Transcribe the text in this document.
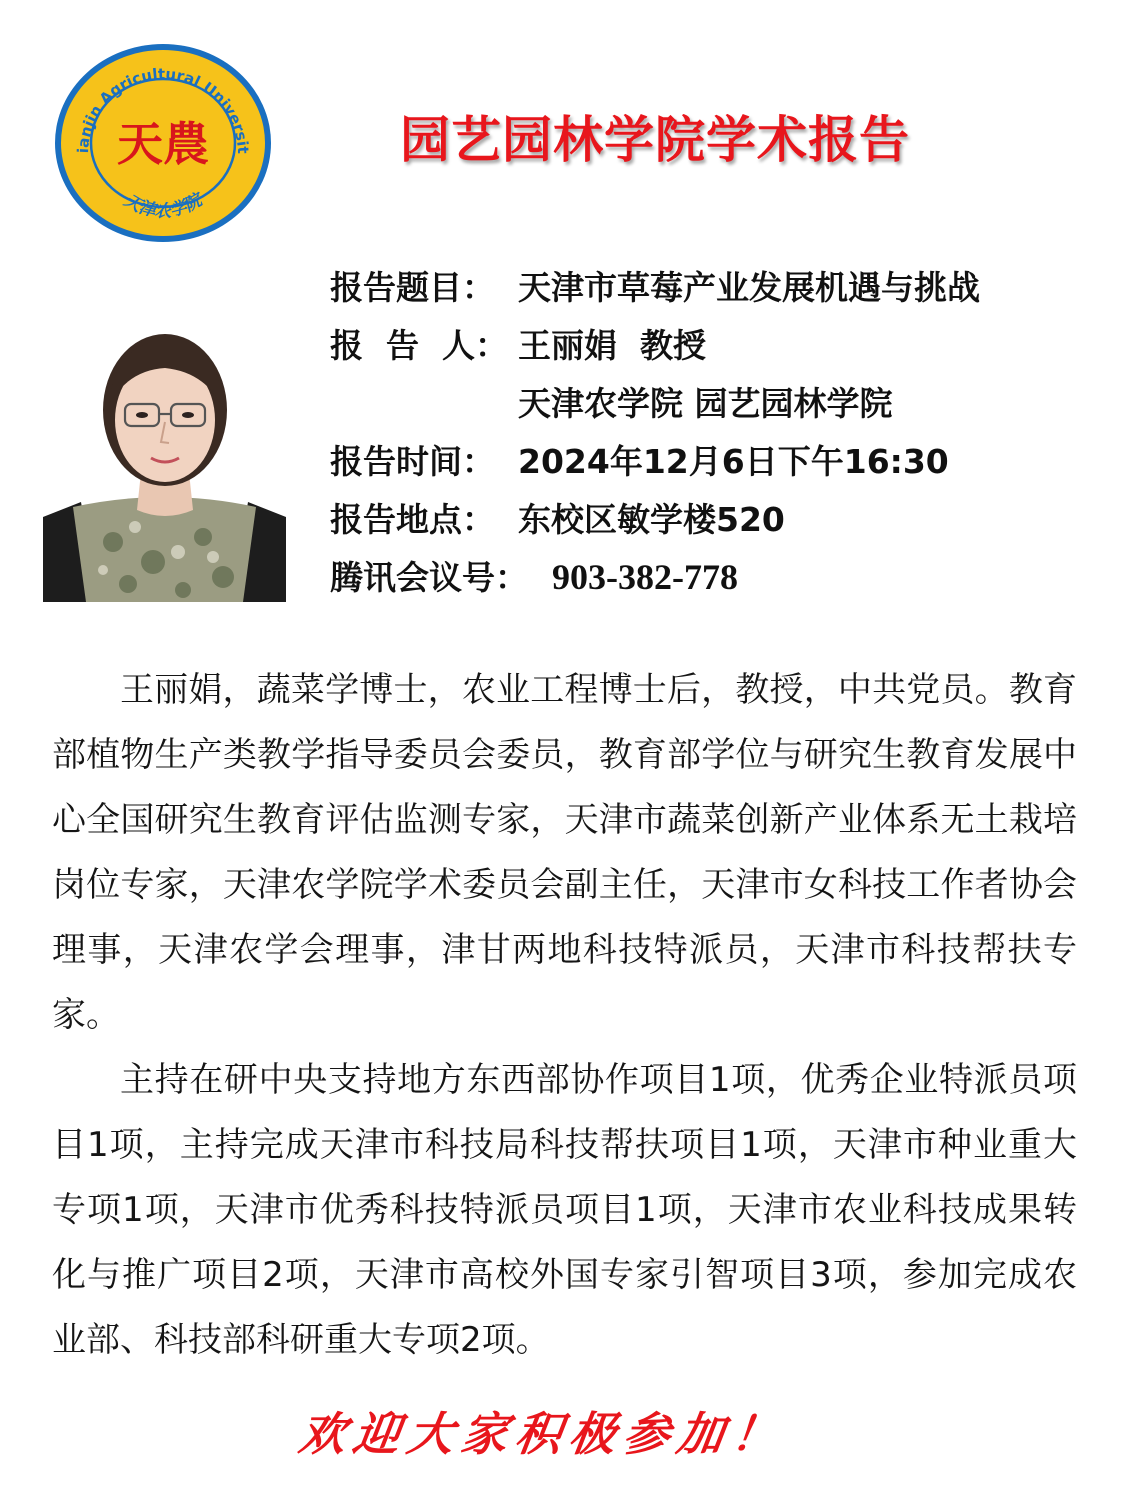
ianjin Agricultural Universit
天津农学院
天農	园艺园林学院学术报告
报告题目： 天津市草莓产业发展机遇与挑战
报  告  人： 王丽娟  教授
天津农学院 园艺园林学院
报告时间： 2024年12月6日下午16:30
报告地点： 东校区敏学楼520
腾讯会议号： 903-382-778

王丽娟，蔬菜学博士，农业工程博士后，教授，中共党员。教育部植物生产类教学指导委员会委员，教育部学位与研究生教育发展中心全国研究生教育评估监测专家，天津市蔬菜创新产业体系无土栽培岗位专家，天津农学院学术委员会副主任，天津市女科技工作者协会理事，天津农学会理事，津甘两地科技特派员，天津市科技帮扶专家。

主持在研中央支持地方东西部协作项目1项，优秀企业特派员项目1项，主持完成天津市科技局科技帮扶项目1项，天津市种业重大专项1项，天津市优秀科技特派员项目1项，天津市农业科技成果转化与推广项目2项，天津市高校外国专家引智项目3项，参加完成农业部、科技部科研重大专项2项。

欢迎大家积极参加！
